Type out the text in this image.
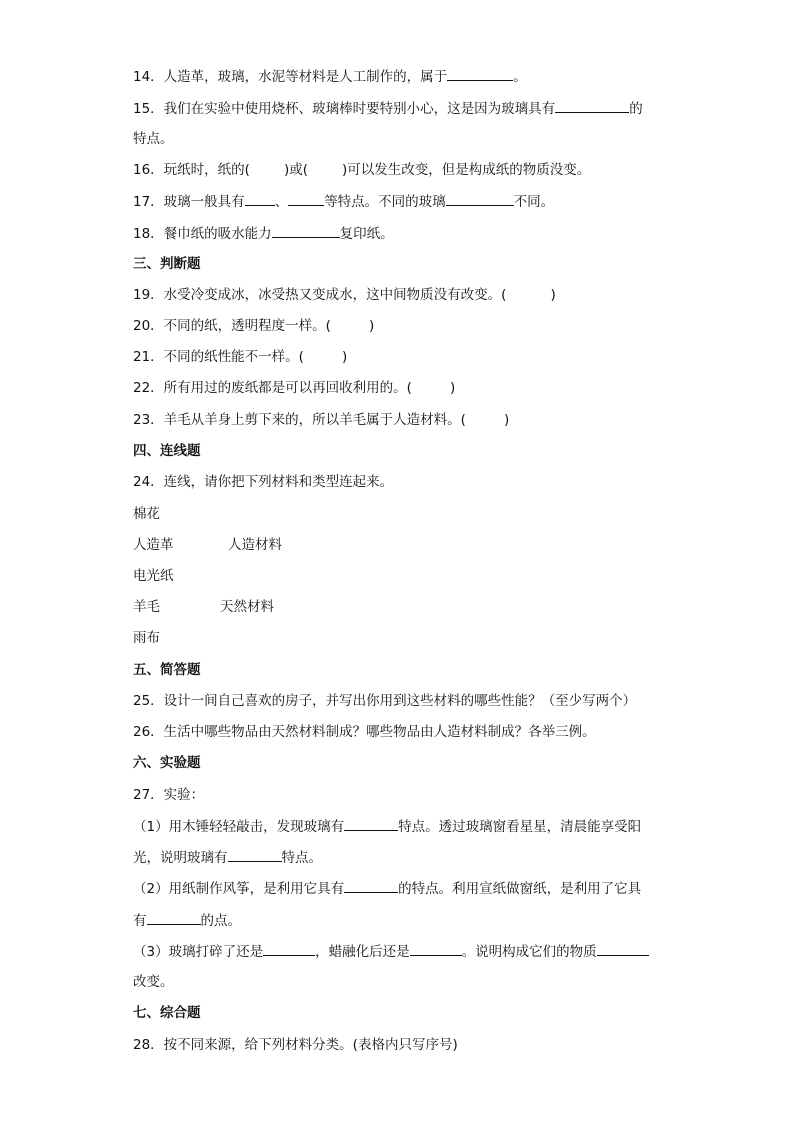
14．人造革，玻璃，水泥等材料是人工制作的，属于	。
15．我们在实验中使用烧杯、玻璃棒时要特别小心，这是因为玻璃具有	的
特点。
16．玩纸时，纸的(	)或(	)可以发生改变，但是构成纸的物质没变。
17．玻璃一般具有 、	等特点。不同的玻璃	不同。
18．餐巾纸的吸水能力	复印纸。
三、判断题
19．水受冷变成冰，冰受热又变成水，这中间物质没有改变。(	)
20．不同的纸，透明程度一样。(	)
21．不同的纸性能不一样。(	)
22．所有用过的废纸都是可以再回收利用的。(	)
23．羊毛从羊身上剪下来的，所以羊毛属于人造材料。(	)
四、连线题
24．连线，请你把下列材料和类型连起来。
棉花
人造革	人造材料
电光纸
羊毛	天然材料
雨布
五、简答题
25．设计一间自己喜欢的房子，并写出你用到这些材料的哪些性能？（至少写两个）
26．生活中哪些物品由天然材料制成？哪些物品由人造材料制成？各举三例。
六、实验题
27．实验：
（1）用木锤轻轻敲击，发现玻璃有	特点。透过玻璃窗看星星，清晨能享受阳
光，说明玻璃有	特点。
（2）用纸制作风筝，是利用它具有	的特点。利用宣纸做窗纸，是利用了它具
有	的点。
（3）玻璃打碎了还是	，蜡融化后还是	。说明构成它们的物质
改变。
七、综合题
28．按不同来源，给下列材料分类。(表格内只写序号)
